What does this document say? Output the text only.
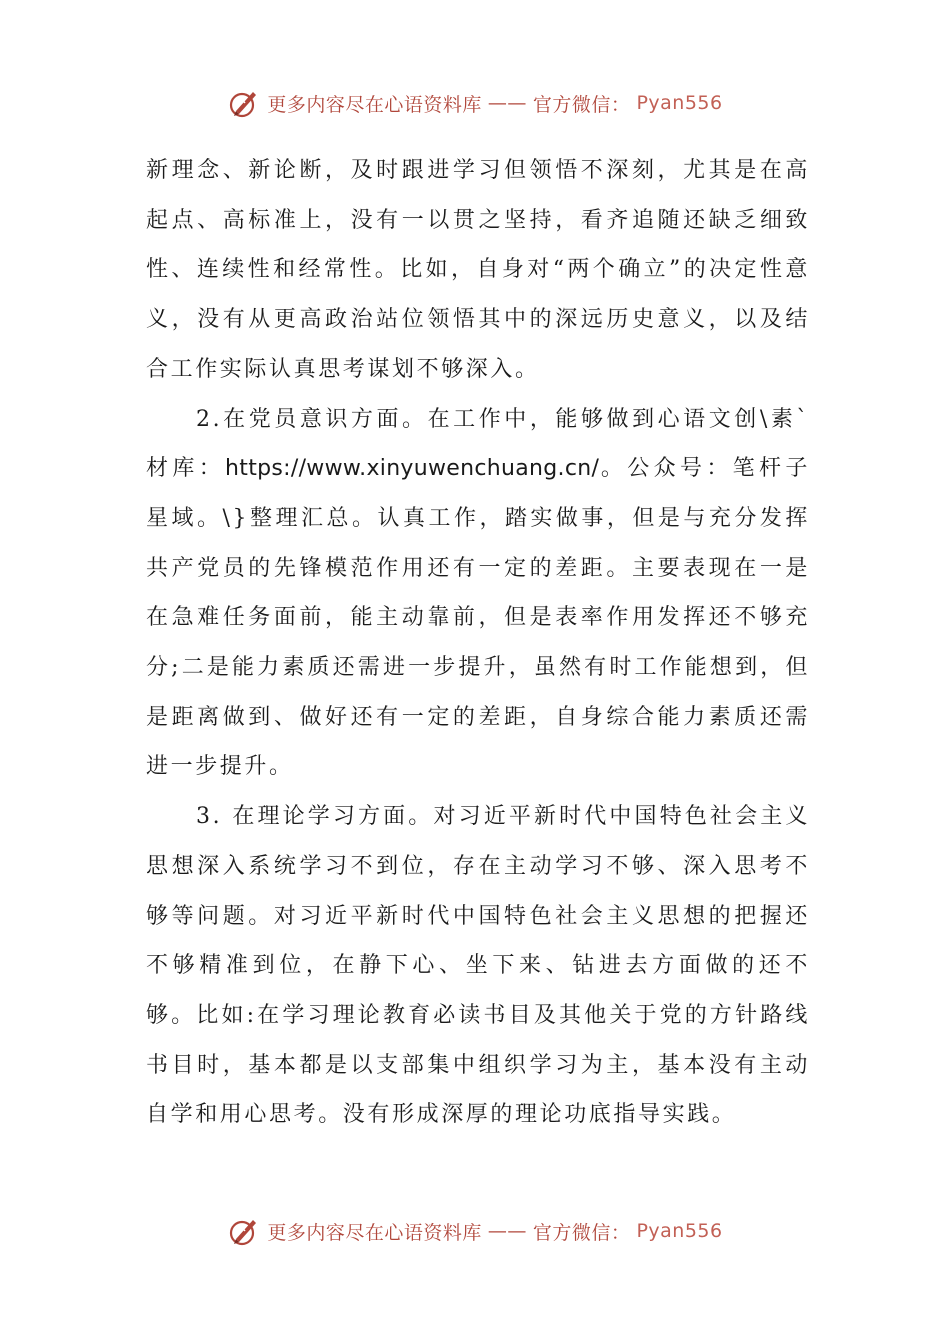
更多内容尽在心语资料库 —— 官方微信： Pyan556

新理念、新论断，及时跟进学习但领悟不深刻，尤其是在高起点、高标准上，没有一以贯之坚持，看齐追随还缺乏细致性、连续性和经常性。比如，自身对“两个确立”的决定性意义，没有从更高政治站位领悟其中的深远历史意义，以及结合工作实际认真思考谋划不够深入。

2.在党员意识方面。在工作中，能够做到心语文创\素`材库：https://www.xinyuwenchuang.cn/。公众号：笔杆子星域。\}整理汇总。认真工作，踏实做事，但是与充分发挥共产党员的先锋模范作用还有一定的差距。主要表现在一是在急难任务面前，能主动靠前，但是表率作用发挥还不够充分;二是能力素质还需进一步提升，虽然有时工作能想到，但是距离做到、做好还有一定的差距，自身综合能力素质还需进一步提升。

3. 在理论学习方面。对习近平新时代中国特色社会主义思想深入系统学习不到位，存在主动学习不够、深入思考不够等问题。对习近平新时代中国特色社会主义思想的把握还不够精准到位，在静下心、坐下来、钻进去方面做的还不够。比如:在学习理论教育必读书目及其他关于党的方针路线书目时，基本都是以支部集中组织学习为主，基本没有主动自学和用心思考。没有形成深厚的理论功底指导实践。

更多内容尽在心语资料库 —— 官方微信： Pyan556
